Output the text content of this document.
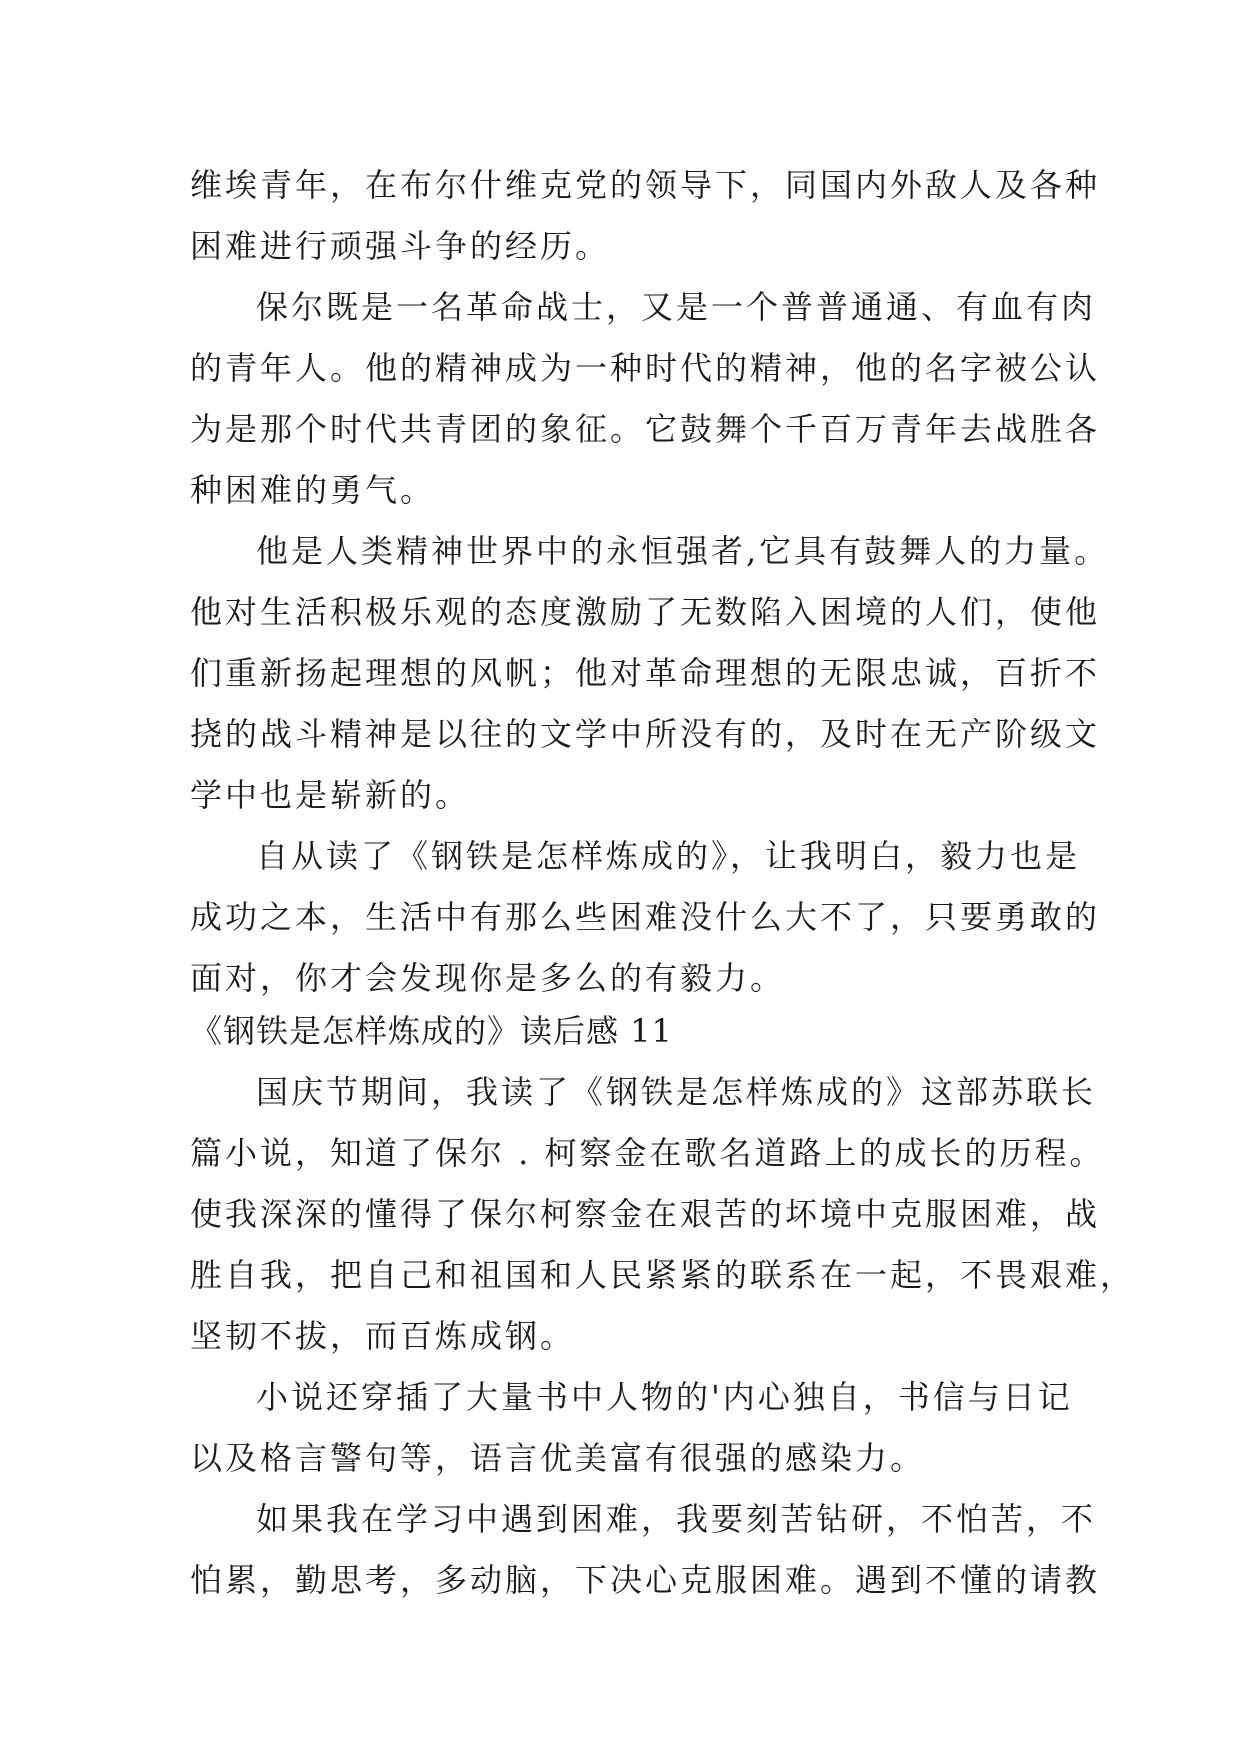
维埃青年，在布尔什维克党的领导下，同国内外敌人及各种
困难进行顽强斗争的经历。
保尔既是一名革命战士，又是一个普普通通、有血有肉
的青年人。他的精神成为一种时代的精神，他的名字被公认
为是那个时代共青团的象征。它鼓舞个千百万青年去战胜各
种困难的勇气。
他是人类精神世界中的永恒强者,它具有鼓舞人的力量。
他对生活积极乐观的态度激励了无数陷入困境的人们，使他
们重新扬起理想的风帆；他对革命理想的无限忠诚，百折不
挠的战斗精神是以往的文学中所没有的，及时在无产阶级文
学中也是崭新的。
自从读了《钢铁是怎样炼成的》，让我明白，毅力也是
成功之本，生活中有那么些困难没什么大不了，只要勇敢的
面对，你才会发现你是多么的有毅力。
《钢铁是怎样炼成的》读后感 11
国庆节期间，我读了《钢铁是怎样炼成的》这部苏联长
篇小说，知道了保尔 . 柯察金在歌名道路上的成长的历程。
使我深深的懂得了保尔柯察金在艰苦的坏境中克服困难，战
胜自我，把自己和祖国和人民紧紧的联系在一起，不畏艰难，
坚韧不拔，而百炼成钢。
小说还穿插了大量书中人物的'内心独自，书信与日记
以及格言警句等，语言优美富有很强的感染力。
如果我在学习中遇到困难，我要刻苦钻研，不怕苦，不
怕累，勤思考，多动脑，下决心克服困难。遇到不懂的请教
